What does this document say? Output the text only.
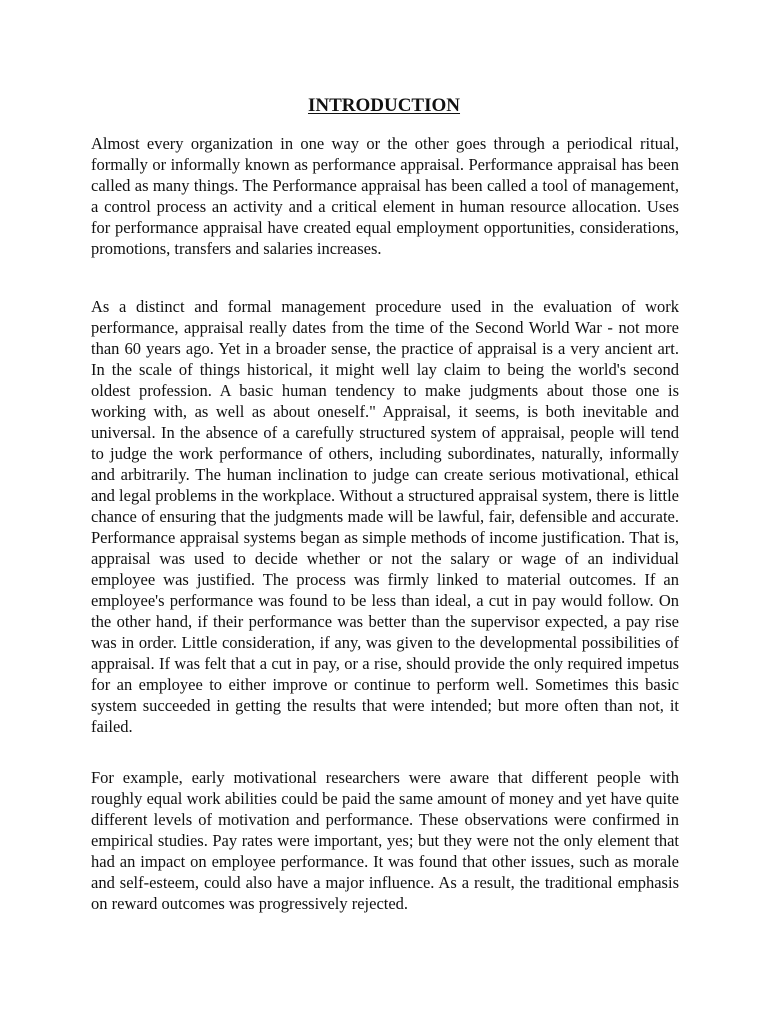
INTRODUCTION

Almost every organization in one way or the other goes through a periodical ritual, formally or informally known as performance appraisal. Performance appraisal has been called as many things. The Performance appraisal has been called a tool of management, a control process an activity and a critical element in human resource allocation. Uses for performance appraisal have created equal employment opportunities, considerations, promotions, transfers and salaries increases.

As a distinct and formal management procedure used in the evaluation of work performance, appraisal really dates from the time of the Second World War - not more than 60 years ago. Yet in a broader sense, the practice of appraisal is a very ancient art. In the scale of things historical, it might well lay claim to being the world's second oldest profession. A basic human tendency to make judgments about those one is working with, as well as about oneself." Appraisal, it seems, is both inevitable and universal. In the absence of a carefully structured system of appraisal, people will tend to judge the work performance of others, including subordinates, naturally, informally and arbitrarily. The human inclination to judge can create serious motivational, ethical and legal problems in the workplace. Without a structured appraisal system, there is little chance of ensuring that the judgments made will be lawful, fair, defensible and accurate. Performance appraisal systems began as simple methods of income justification. That is, appraisal was used to decide whether or not the salary or wage of an individual employee was justified. The process was firmly linked to material outcomes. If an employee's performance was found to be less than ideal, a cut in pay would follow. On the other hand, if their performance was better than the supervisor expected, a pay rise was in order. Little consideration, if any, was given to the developmental possibilities of appraisal. If was felt that a cut in pay, or a rise, should provide the only required impetus for an employee to either improve or continue to perform well. Sometimes this basic system succeeded in getting the results that were intended; but more often than not, it failed.

For example, early motivational researchers were aware that different people with roughly equal work abilities could be paid the same amount of money and yet have quite different levels of motivation and performance. These observations were confirmed in empirical studies. Pay rates were important, yes; but they were not the only element that had an impact on employee performance. It was found that other issues, such as morale and self-esteem, could also have a major influence. As a result, the traditional emphasis on reward outcomes was progressively rejected.
